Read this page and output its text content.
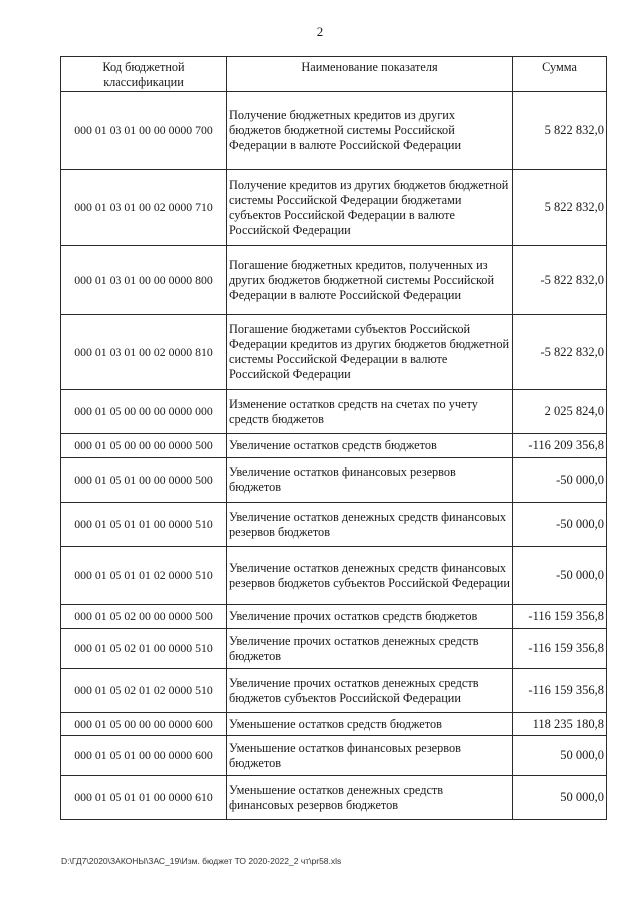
2
Код бюджетной классификации	Наименование показателя	Сумма
000 01 03 01 00 00 0000 700	Получение бюджетных кредитов из других бюджетов бюджетной системы Российской Федерации в валюте Российской Федерации	5 822 832,0
000 01 03 01 00 02 0000 710	Получение кредитов из других бюджетов бюджетной системы Российской Федерации бюджетами субъектов Российской Федерации в валюте Российской Федерации	5 822 832,0
000 01 03 01 00 00 0000 800	Погашение бюджетных кредитов, полученных из других бюджетов бюджетной системы Российской Федерации в валюте Российской Федерации	-5 822 832,0
000 01 03 01 00 02 0000 810	Погашение бюджетами субъектов Российской Федерации кредитов из других бюджетов бюджетной системы Российской Федерации в валюте Российской Федерации	-5 822 832,0
000 01 05 00 00 00 0000 000	Изменение остатков средств на счетах по учету средств бюджетов	2 025 824,0
000 01 05 00 00 00 0000 500	Увеличение остатков средств бюджетов	-116 209 356,8
000 01 05 01 00 00 0000 500	Увеличение остатков финансовых резервов бюджетов	-50 000,0
000 01 05 01 01 00 0000 510	Увеличение остатков денежных средств финансовых резервов бюджетов	-50 000,0
000 01 05 01 01 02 0000 510	Увеличение остатков денежных средств финансовых резервов бюджетов субъектов Российской Федерации	-50 000,0
000 01 05 02 00 00 0000 500	Увеличение прочих остатков средств бюджетов	-116 159 356,8
000 01 05 02 01 00 0000 510	Увеличение прочих остатков денежных средств бюджетов	-116 159 356,8
000 01 05 02 01 02 0000 510	Увеличение прочих остатков денежных средств бюджетов субъектов Российской Федерации	-116 159 356,8
000 01 05 00 00 00 0000 600	Уменьшение остатков средств бюджетов	118 235 180,8
000 01 05 01 00 00 0000 600	Уменьшение остатков финансовых резервов бюджетов	50 000,0
000 01 05 01 01 00 0000 610	Уменьшение остатков денежных средств финансовых резервов бюджетов	50 000,0
D:\ГД7\2020\ЗАКОНЫ\ЗАС_19\Изм. бюджет ТО 2020-2022_2 чт\pr58.xls
